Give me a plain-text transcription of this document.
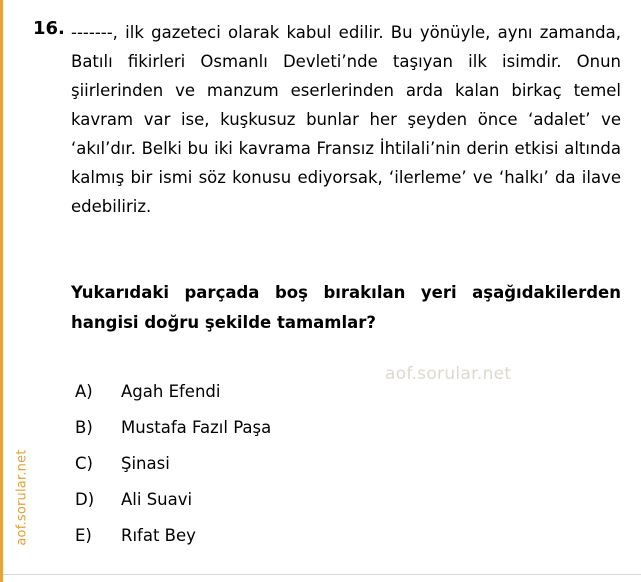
aof.sorular.net
16. -------, ilk gazeteci olarak kabul edilir. Bu yönüyle, aynı zamanda, Batılı fikirleri Osmanlı Devleti’nde taşıyan ilk isimdir. Onun şiirlerinden ve manzum eserlerinden arda kalan birkaç temel kavram var ise, kuşkusuz bunlar her şeyden önce ‘adalet’ ve ‘akıl’dır. Belki bu iki kavrama Fransız İhtilali’nin derin etkisi altında kalmış bir ismi söz konusu ediyorsak, ‘ilerleme’ ve ‘halkı’ da ilave edebiliriz.
Yukarıdaki parçada boş bırakılan yeri aşağıdakilerden hangisi doğru şekilde tamamlar?
A)	Agah Efendi
B)	Mustafa Fazıl Paşa
C)	Şinasi
D)	Ali Suavi
E)	Rıfat Bey
aof.sorular.net
